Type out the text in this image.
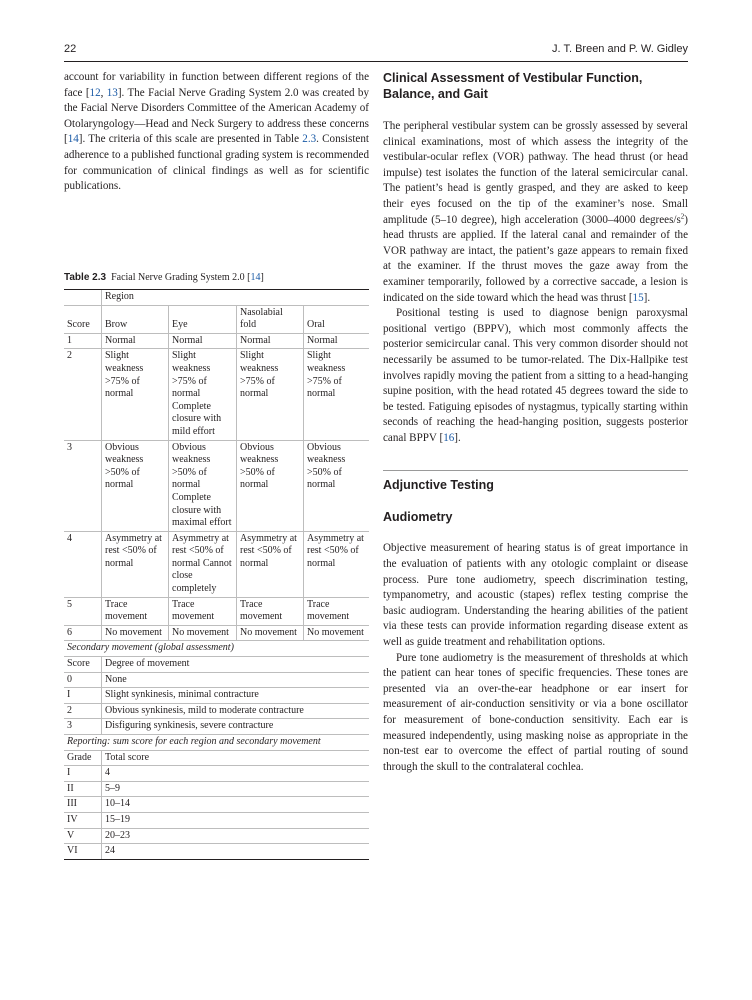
22	J. T. Breen and P. W. Gidley

account for variability in function between different regions of the face [12, 13]. The Facial Nerve Grading System 2.0 was created by the Facial Nerve Disorders Committee of the American Academy of Otolaryngology—Head and Neck Surgery to address these concerns [14]. The criteria of this scale are presented in Table 2.3. Consistent adherence to a published functional grading system is recommended for communication of clinical findings as well as for scientific publications.

Table 2.3 Facial Nerve Grading System 2.0 [14]
	Region			
Score	Brow	Eye	Nasolabial fold	Oral
1	Normal	Normal	Normal	Normal
2	Slight weakness >75% of normal	Slight weakness >75% of normal Complete closure with mild effort	Slight weakness >75% of normal	Slight weakness >75% of normal
3	Obvious weakness >50% of normal	Obvious weakness >50% of normal Complete closure with maximal effort	Obvious weakness >50% of normal	Obvious weakness >50% of normal
4	Asymmetry at rest <50% of normal	Asymmetry at rest <50% of normal Cannot close completely	Asymmetry at rest <50% of normal	Asymmetry at rest <50% of normal
5	Trace movement	Trace movement	Trace movement	Trace movement
6	No movement	No movement	No movement	No movement
Secondary movement (global assessment)				
Score	Degree of movement			
0	None			
I	Slight synkinesis, minimal contracture			
2	Obvious synkinesis, mild to moderate contracture			
3	Disfiguring synkinesis, severe contracture			
Reporting: sum score for each region and secondary movement				
Grade	Total score			
I	4			
II	5–9			
III	10–14			
IV	15–19			
V	20–23			
VI	24			
Clinical Assessment of Vestibular Function, Balance, and Gait

The peripheral vestibular system can be grossly assessed by several clinical examinations, most of which assess the integrity of the vestibular-ocular reflex (VOR) pathway. The head thrust (or head impulse) test isolates the function of the lateral semicircular canal. The patient’s head is gently grasped, and they are asked to keep their eyes focused on the tip of the examiner’s nose. Small amplitude (5–10 degree), high acceleration (3000–4000 degrees/$s^2$) head thrusts are applied. If the lateral canal and remainder of the VOR pathway are intact, the patient’s gaze appears to remain fixed at the examiner. If the thrust moves the gaze away from the examiner temporarily, followed by a corrective saccade, a lesion is indicated on the side toward which the head was thrust [15].

Positional testing is used to diagnose benign paroxysmal positional vertigo (BPPV), which most commonly affects the posterior semicircular canal. This very common disorder should not necessarily be assumed to be tumor-related. The Dix-Hallpike test involves rapidly moving the patient from a sitting to a head-hanging supine position, with the head rotated 45 degrees toward the side to be tested. Fatiguing episodes of nystagmus, typically starting within seconds of reaching the head-hanging position, suggests posterior canal BPPV [16].

Adjunctive Testing
Audiometry

Objective measurement of hearing status is of great importance in the evaluation of patients with any otologic complaint or disease process. Pure tone audiometry, speech discrimination testing, tympanometry, and acoustic (stapes) reflex testing comprise the basic audiogram. Understanding the hearing abilities of the patient via these tests can provide information regarding disease extent as well as guide treatment and rehabilitation options.

Pure tone audiometry is the measurement of thresholds at which the patient can hear tones of specific frequencies. These tones are presented via an over-the-ear headphone or ear insert for measurement of air-conduction sensitivity or via a bone oscillator for measurement of bone-conduction sensitivity. Each ear is measured independently, using masking noise as appropriate in the non-test ear to overcome the effect of partial routing of sound through the skull to the contralateral cochlea.
